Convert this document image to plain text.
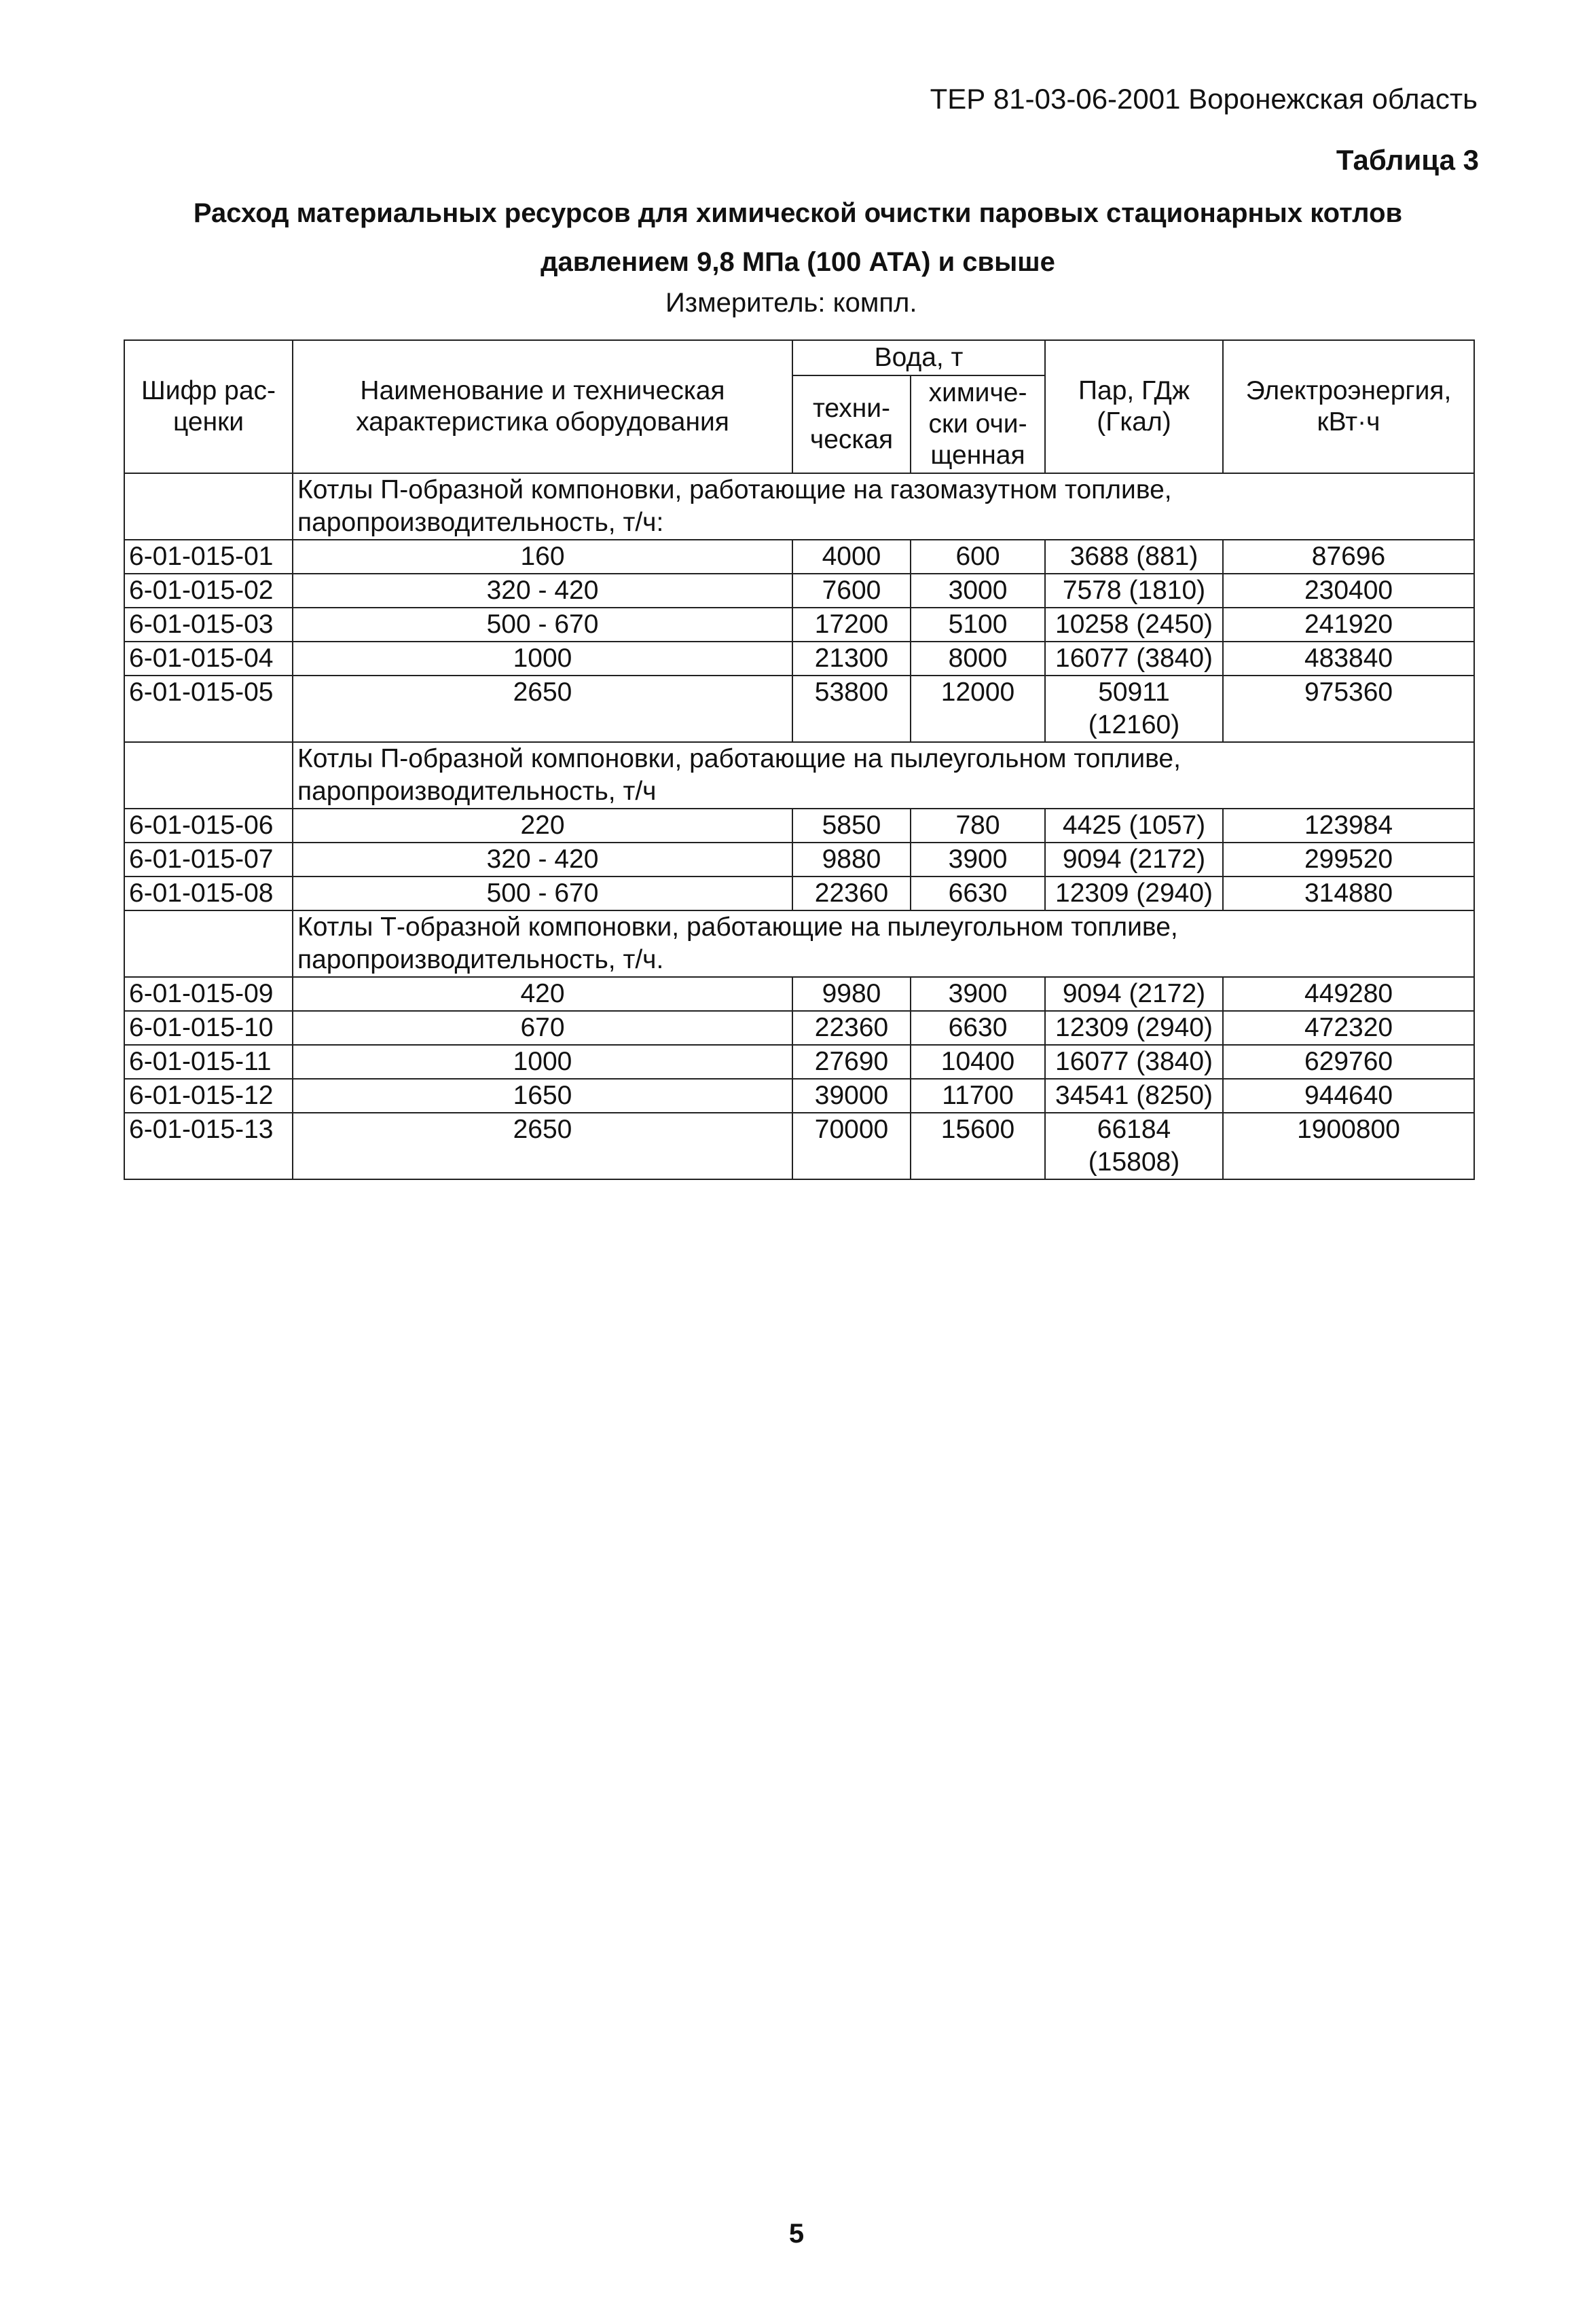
ТЕР 81-03-06-2001 Воронежская область
Таблица 3
Расход материальных ресурсов для химической очистки паровых стационарных котлов
давлением 9,8 МПа (100 АТА) и свыше
Измеритель: компл.
Шифр рас-ценки	Наименование и техническая характеристика оборудования	Вода, т		Пар, ГДж (Гкал)	Электроэнергия, кВт·ч
		техни-ческая	химиче-ски очи-щенная		
	Котлы П-образной компоновки, работающие на газомазутном топливе, паропроизводительность, т/ч:				
6-01-015-01	160	4000	600	3688 (881)	87696
6-01-015-02	320 - 420	7600	3000	7578 (1810)	230400
6-01-015-03	500 - 670	17200	5100	10258 (2450)	241920
6-01-015-04	1000	21300	8000	16077 (3840)	483840
6-01-015-05	2650	53800	12000	50911 (12160)	975360
	Котлы П-образной компоновки, работающие на пылеугольном топливе, паропроизводительность, т/ч				
6-01-015-06	220	5850	780	4425 (1057)	123984
6-01-015-07	320 - 420	9880	3900	9094 (2172)	299520
6-01-015-08	500 - 670	22360	6630	12309 (2940)	314880
	Котлы Т-образной компоновки, работающие на пылеугольном топливе, паропроизводительность, т/ч.				
6-01-015-09	420	9980	3900	9094 (2172)	449280
6-01-015-10	670	22360	6630	12309 (2940)	472320
6-01-015-11	1000	27690	10400	16077 (3840)	629760
6-01-015-12	1650	39000	11700	34541 (8250)	944640
6-01-015-13	2650	70000	15600	66184 (15808)	1900800
5
